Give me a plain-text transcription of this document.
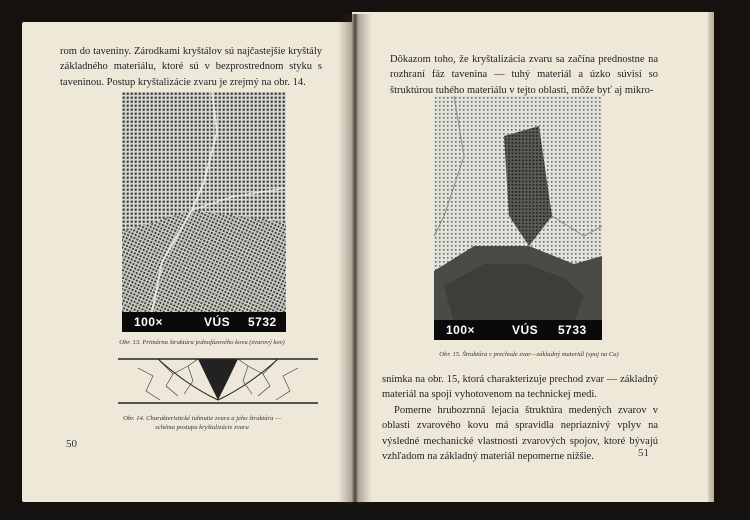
rom do taveniny. Zárodkami kryštálov sú najčastejšie kryštály základného materiálu, ktoré sú v bezprostrednom styku s taveninou. Postup kryštalizácie zvaru je zrejmý na obr. 14.
100×	VÚS 5732
Obr. 13. Primárna štruktúra jednofázového kovu (zvarový kov)
Obr. 14. Charakteristické tuhnutie zvaru a jeho štruktúra —
schéma postupu kryštalizácie zvaru
50
Dôkazom toho, že kryštalizácia zvaru sa začína prednostne na rozhraní fáz tavenina — tuhý materiál a úzko súvisí so štruktúrou tuhého materiálu v tejto oblasti, môže byť aj mikro-
100×	VÚS 5733
Obr. 15. Štruktúra v prechode zvar—základný materiál (spoj na Cu)
snímka na obr. 15, ktorá charakterizuje prechod zvar — základný materiál na spoji vyhotovenom na technickej medi.
Pomerne hrubozrnná lejacia štruktúra medených zvarov v oblasti zvarového kovu má spravidla nepriaznivý vplyv na výsledné mechanické vlastnosti zvarových spojov, ktoré bývajú vzhľadom na základný materiál nepomerne nižšie.	51
